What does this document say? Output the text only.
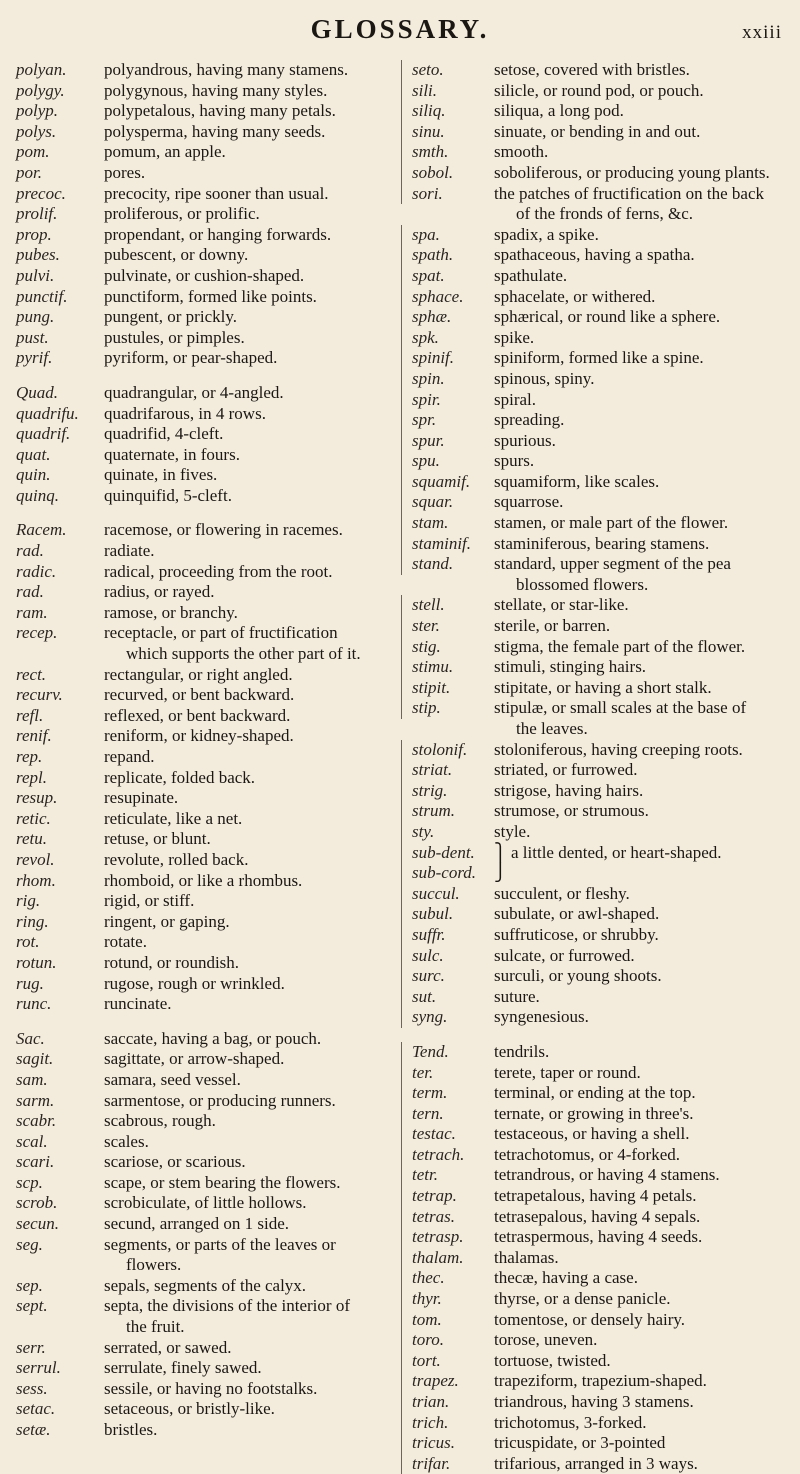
GLOSSARY.	xxiii
polyan.	polyandrous, having many stamens.
polygy.	polygynous, having many styles.
polyp.	polypetalous, having many petals.
polys.	polysperma, having many seeds.
pom.	pomum, an apple.
por.	pores.
precoc.	precocity, ripe sooner than usual.
prolif.	proliferous, or prolific.
prop.	propendant, or hanging forwards.
pubes.	pubescent, or downy.
pulvi.	pulvinate, or cushion-shaped.
punctif.	punctiform, formed like points.
pung.	pungent, or prickly.
pust.	pustules, or pimples.
pyrif.	pyriform, or pear-shaped.
Quad.	quadrangular, or 4-angled.
quadrifu.	quadrifarous, in 4 rows.
quadrif.	quadrifid, 4-cleft.
quat.	quaternate, in fours.
quin.	quinate, in fives.
quinq.	quinquifid, 5-cleft.
Racem.	racemose, or flowering in racemes.
rad.	radiate.
radic.	radical, proceeding from the root.
rad.	radius, or rayed.
ram.	ramose, or branchy.
recep.	receptacle, or part of fructification
which supports the other part of it.
rect.	rectangular, or right angled.
recurv.	recurved, or bent backward.
refl.	reflexed, or bent backward.
renif.	reniform, or kidney-shaped.
rep.	repand.
repl.	replicate, folded back.
resup.	resupinate.
retic.	reticulate, like a net.
retu.	retuse, or blunt.
revol.	revolute, rolled back.
rhom.	rhomboid, or like a rhombus.
rig.	rigid, or stiff.
ring.	ringent, or gaping.
rot.	rotate.
rotun.	rotund, or roundish.
rug.	rugose, rough or wrinkled.
runc.	runcinate.
Sac.	saccate, having a bag, or pouch.
sagit.	sagittate, or arrow-shaped.
sam.	samara, seed vessel.
sarm.	sarmentose, or producing runners.
scabr.	scabrous, rough.
scal.	scales.
scari.	scariose, or scarious.
scp.	scape, or stem bearing the flowers.
scrob.	scrobiculate, of little hollows.
secun.	secund, arranged on 1 side.
seg.	segments, or parts of the leaves or
flowers.
sep.	sepals, segments of the calyx.
sept.	septa, the divisions of the interior of
the fruit.
serr.	serrated, or sawed.
serrul.	serrulate, finely sawed.
sess.	sessile, or having no footstalks.
setac.	setaceous, or bristly-like.
setæ.	bristles.
seto.	setose, covered with bristles.
sili.	silicle, or round pod, or pouch.
siliq.	siliqua, a long pod.
sinu.	sinuate, or bending in and out.
smth.	smooth.
sobol.	soboliferous, or producing young plants.
sori.	the patches of fructification on the back
of the fronds of ferns, &c.
spa.	spadix, a spike.
spath.	spathaceous, having a spatha.
spat.	spathulate.
sphace.	sphacelate, or withered.
sphæ.	sphærical, or round like a sphere.
spk.	spike.
spinif.	spiniform, formed like a spine.
spin.	spinous, spiny.
spir.	spiral.
spr.	spreading.
spur.	spurious.
spu.	spurs.
squamif.	squamiform, like scales.
squar.	squarrose.
stam.	stamen, or male part of the flower.
staminif.	staminiferous, bearing stamens.
stand.	standard, upper segment of the pea
blossomed flowers.
stell.	stellate, or star-like.
ster.	sterile, or barren.
stig.	stigma, the female part of the flower.
stimu.	stimuli, stinging hairs.
stipit.	stipitate, or having a short stalk.
stip.	stipulæ, or small scales at the base of
the leaves.
stolonif.	stoloniferous, having creeping roots.
striat.	striated, or furrowed.
strig.	strigose, having hairs.
strum.	strumose, or strumous.
sty.	style.
sub-dent.	⎫ a little dented, or heart-shaped.
sub-cord.	⎭
succul.	succulent, or fleshy.
subul.	subulate, or awl-shaped.
suffr.	suffruticose, or shrubby.
sulc.	sulcate, or furrowed.
surc.	surculi, or young shoots.
sut.	suture.
syng.	syngenesious.
Tend.	tendrils.
ter.	terete, taper or round.
term.	terminal, or ending at the top.
tern.	ternate, or growing in three's.
testac.	testaceous, or having a shell.
tetrach.	tetrachotomus, or 4-forked.
tetr.	tetrandrous, or having 4 stamens.
tetrap.	tetrapetalous, having 4 petals.
tetras.	tetrasepalous, having 4 sepals.
tetrasp.	tetraspermous, having 4 seeds.
thalam.	thalamas.
thec.	thecæ, having a case.
thyr.	thyrse, or a dense panicle.
tom.	tomentose, or densely hairy.
toro.	torose, uneven.
tort.	tortuose, twisted.
trapez.	trapeziform, trapezium-shaped.
trian.	triandrous, having 3 stamens.
trich.	trichotomus, 3-forked.
tricus.	tricuspidate, or 3-pointed
trifar.	trifarious, arranged in 3 ways.
